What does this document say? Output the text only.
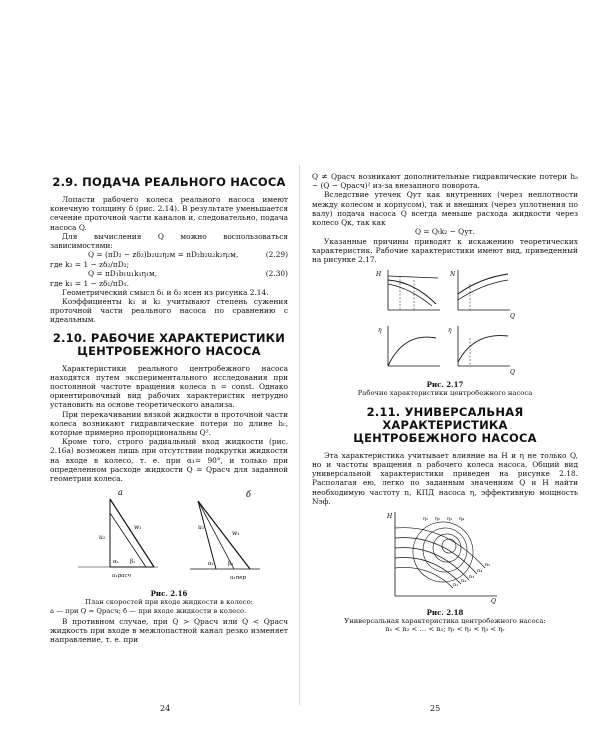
2.9. ПОДАЧА РЕАЛЬНОГО НАСОСА

Лопасти рабочего колеса реального насоса имеют конечную толщину δ (рис. 2.14). В результате уменьшается сечение проточной части каналов и, следовательно, подача насоса Q.

Для вычисления Q можно воспользоваться зависимостями:

Q = (πD₂ − zδ₂)b₂u₂η₂м = πD₂b₂u₂k₂η₂м,	(2.29)

где k₂ = 1 − zδ₂/πD₂;

Q = πD₁b₁u₁k₁η₁м,	(2.30)

где k₁ = 1 − zδ₁/πD₁.

Геометрический смысл δ₁ и δ₂ ясен из рисунка 2.14.

Коэффициенты k₁ и k₂ учитывают степень сужения проточной части реального насоса по сравнению с идеальным.

2.10. РАБОЧИЕ ХАРАКТЕРИСТИКИ
ЦЕНТРОБЕЖНОГО НАСОСА

Характеристики реального центробежного насоса находятся путем экспериментального исследования при постоянной частоте вращения колеса n = const. Однако ориентировочный вид рабочих характеристик нетрудно установить на основе теоретического анализа.

При перекачивании вязкой жидкости в проточной части колеса возникают гидравлические потери по длине hᵣ, которые примерно пропорциональны Q².

Кроме того, строго радиальный вход жидкости (рис. 2.16а) возможен лишь при отсутствии подкрутки жидкости на входе в колесо, т. е. при α₁= 90°, и только при определенном расходе жидкости Q = Qрасч для заданной геометрии колеса.

а
u₁
w₁
α₁ β₁
u₁расч
б
u₁
w₁
α₁	β₁
u₁пер
Рис. 2.16
План скоростей при входе жидкости в колесо:
а — при Q = Qрасч; б — при входе жидкости в колесо.

В противном случае, при Q > Qрасч или Q < Qрасч жидкость при входе в межлопастной канал резко изменяет направление, т. е. при

24

Q ≠ Qрасч возникают дополнительные гидравлические потери hₐ ~ (Q − Qрасч)² из-за внезапного поворота.

Вследствие утечек Qут как внутренних (через неплотности между колесом и корпусом), так и внешних (через уплотнения по валу) подача насоса Q всегда меньше расхода жидкости через колесо Qк, так как

Q = Qₜk₂ − Qут.

Указанные причины приводят к искажению теоретических характеристик. Рабочие характеристики имеют вид, приведенный на рисунке 2.17.

H	N
Q
η	η
Q
Рис. 2.17
Рабочие характеристики центробежного насоса
2.11. УНИВЕРСАЛЬНАЯ ХАРАКТЕРИСТИКА
ЦЕНТРОБЕЖНОГО НАСОСА

Эта характеристика учитывает влияние на H и η не только Q, но и частоты вращения n рабочего колеса насоса. Общий вид универсальной характеристики приведен на рисунке 2.18. Располагая ею, легко по заданным значениям Q и H найти необходимую частоту n, КПД насоса η, эффективную мощность Nэф.

H
Q
n₅
n₄
n₃
n₂
n₁
η₁ η₂ η₃ η₄
Рис. 2.18
Универсальная характеристика центробежного насоса:
n₁ < n₂ < … < n₅; η₁ < η₂ < η₃ < ηᵣ
25
